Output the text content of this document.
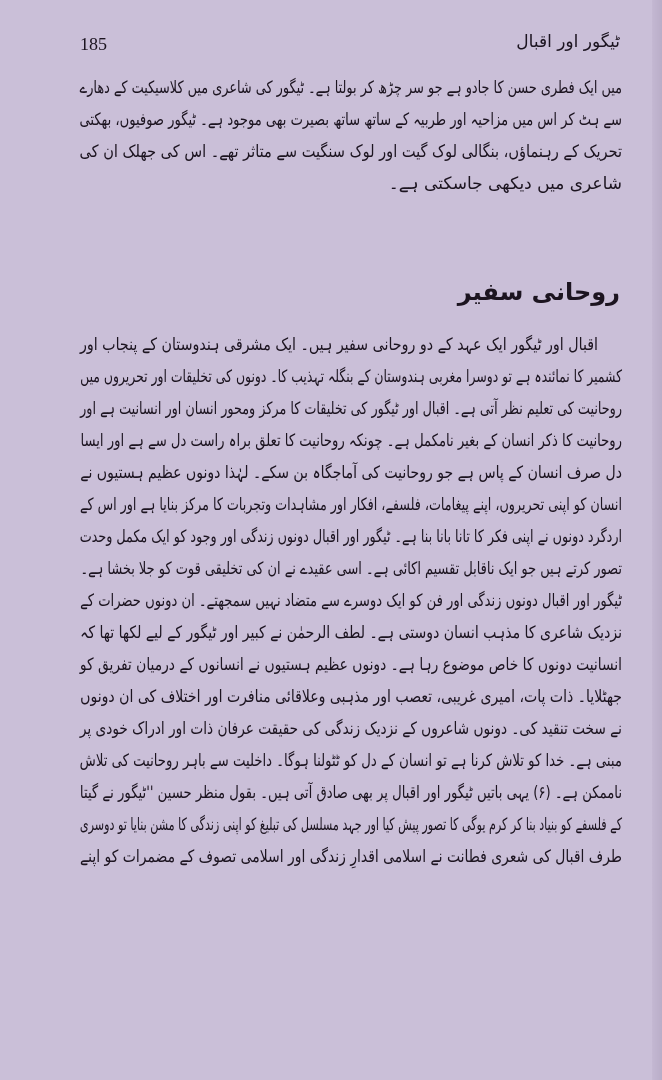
ٹیگور اور اقبال
185
میں ایک فطری حسن کا جادو ہے جو سر چڑھ کر بولتا ہے۔ ٹیگور کی شاعری میں کلاسیکیت کے دھارے
سے ہٹ کر اس میں مزاحیہ اور طربیہ کے ساتھ ساتھ بصیرت بھی موجود ہے۔ ٹیگور صوفیوں، بھکتی
تحریک کے رہنماؤں، بنگالی لوک گیت اور لوک سنگیت سے متاثر تھے۔ اس کی جھلک ان کی
شاعری میں دیکھی جاسکتی ہے۔
روحانی سفیر
اقبال اور ٹیگور ایک عہد کے دو روحانی سفیر ہیں۔ ایک مشرقی ہندوستان کے پنجاب اور
کشمیر کا نمائندہ ہے تو دوسرا مغربی ہندوستان کے بنگلہ تہذیب کا۔ دونوں کی تخلیقات اور تحریروں میں
روحانیت کی تعلیم نظر آتی ہے۔ اقبال اور ٹیگور کی تخلیقات کا مرکز ومحور انسان اور انسانیت ہے اور
روحانیت کا ذکر انسان کے بغیر نامکمل ہے۔ چونکہ روحانیت کا تعلق براہ راست دل سے ہے اور ایسا
دل صرف انسان کے پاس ہے جو روحانیت کی آماجگاہ بن سکے۔ لہٰذا دونوں عظیم ہستیوں نے
انسان کو اپنی تحریروں، اپنے پیغامات، فلسفے، افکار اور مشاہدات وتجربات کا مرکز بنایا ہے اور اس کے
اردگرد دونوں نے اپنی فکر کا تانا بانا بنا ہے۔ ٹیگور اور اقبال دونوں زندگی اور وجود کو ایک مکمل وحدت
تصور کرتے ہیں جو ایک ناقابل تقسیم اکائی ہے۔ اسی عقیدے نے ان کی تخلیقی قوت کو جلا بخشا ہے۔
ٹیگور اور اقبال دونوں زندگی اور فن کو ایک دوسرے سے متضاد نہیں سمجھتے۔ ان دونوں حضرات کے
نزدیک شاعری کا مذہب انسان دوستی ہے۔ لطف الرحمٰن نے کبیر اور ٹیگور کے لیے لکھا تھا کہ
انسانیت دونوں کا خاص موضوع رہا ہے۔ دونوں عظیم ہستیوں نے انسانوں کے درمیان تفریق کو
جھٹلایا۔ ذات پات، امیری غریبی، تعصب اور مذہبی وعلاقائی منافرت اور اختلاف کی ان دونوں
نے سخت تنقید کی۔ دونوں شاعروں کے نزدیک زندگی کی حقیقت عرفان ذات اور ادراک خودی پر
مبنی ہے۔ خدا کو تلاش کرنا ہے تو انسان کے دل کو ٹٹولنا ہوگا۔ داخلیت سے باہر روحانیت کی تلاش
ناممکن ہے۔ (۶) یہی باتیں ٹیگور اور اقبال پر بھی صادق آتی ہیں۔ بقول منظر حسین ''ٹیگور نے گیتا
کے فلسفے کو بنیاد بنا کر کرم یوگی کا تصور پیش کیا اور جہد مسلسل کی تبلیغ کو اپنی زندگی کا مشن بنایا تو دوسری
طرف اقبال کی شعری فطانت نے اسلامی اقدارِ زندگی اور اسلامی تصوف کے مضمرات کو اپنے
